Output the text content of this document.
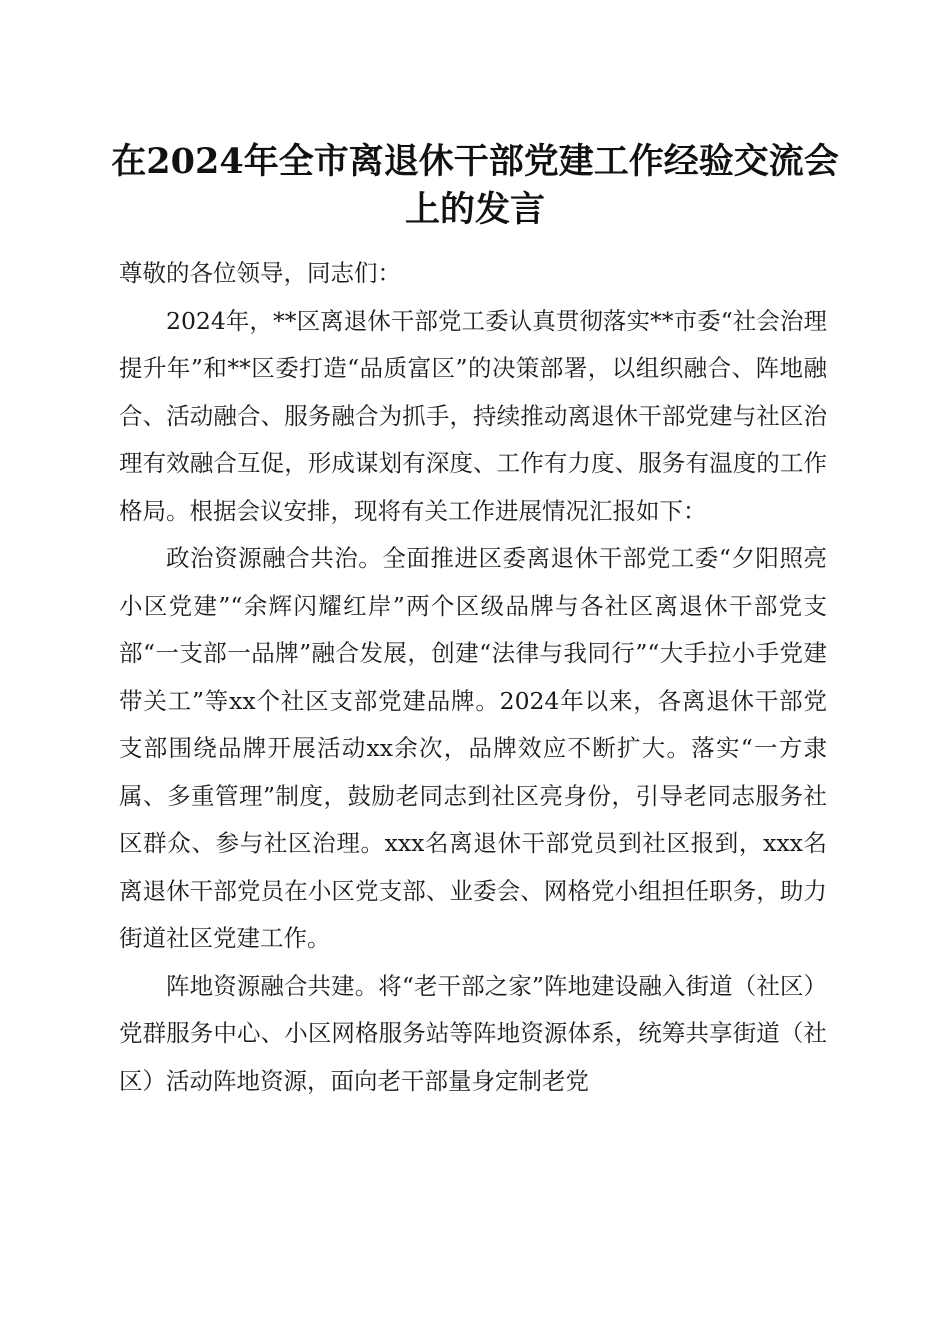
在2024年全市离退休干部党建工作经验交流会上的发言

尊敬的各位领导，同志们：

2024年，**区离退休干部党工委认真贯彻落实**市委“社会治理提升年”和**区委打造“品质富区”的决策部署，以组织融合、阵地融合、活动融合、服务融合为抓手，持续推动离退休干部党建与社区治理有效融合互促，形成谋划有深度、工作有力度、服务有温度的工作格局。根据会议安排，现将有关工作进展情况汇报如下：

政治资源融合共治。全面推进区委离退休干部党工委“夕阳照亮小区党建”“余辉闪耀红岸”两个区级品牌与各社区离退休干部党支部“一支部一品牌”融合发展，创建“法律与我同行”“大手拉小手党建带关工”等xx个社区支部党建品牌。2024年以来，各离退休干部党支部围绕品牌开展活动xx余次，品牌效应不断扩大。落实“一方隶属、多重管理”制度，鼓励老同志到社区亮身份，引导老同志服务社区群众、参与社区治理。xxx名离退休干部党员到社区报到，xxx名离退休干部党员在小区党支部、业委会、网格党小组担任职务，助力街道社区党建工作。

阵地资源融合共建。将“老干部之家”阵地建设融入街道（社区）党群服务中心、小区网格服务站等阵地资源体系，统筹共享街道（社区）活动阵地资源，面向老干部量身定制老党
